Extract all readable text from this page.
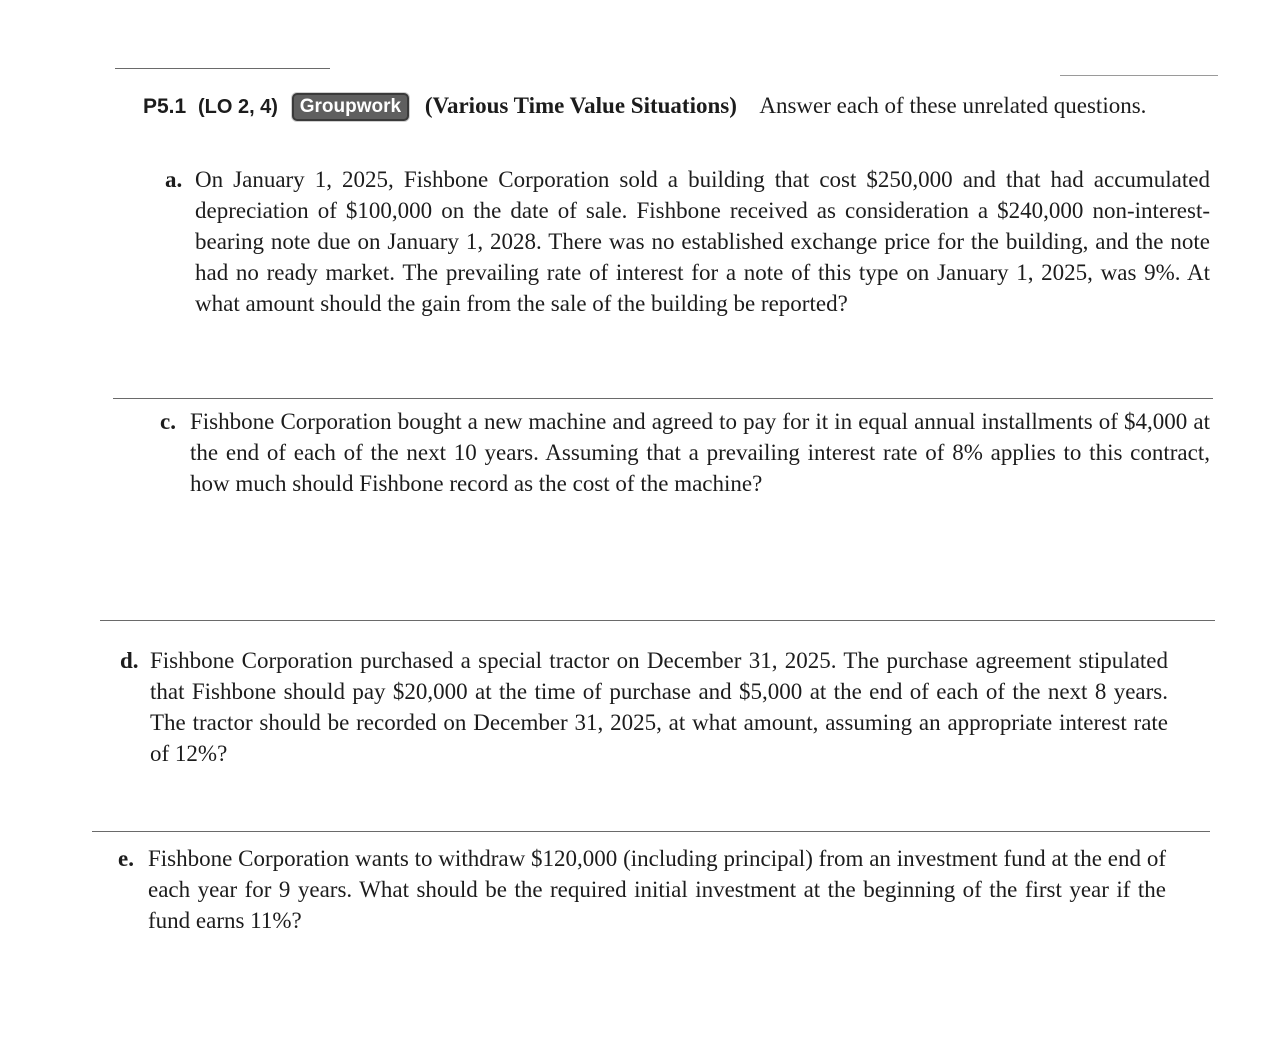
P5.1 (LO 2, 4) Groupwork (Various Time Value Situations) Answer each of these unrelated questions.
a. On January 1, 2025, Fishbone Corporation sold a building that cost $250,000 and that had accumulated depreciation of $100,000 on the date of sale. Fishbone received as consideration a $240,000 non-interest-bearing note due on January 1, 2028. There was no established exchange price for the building, and the note had no ready market. The prevailing rate of interest for a note of this type on January 1, 2025, was 9%. At what amount should the gain from the sale of the building be reported?
c. Fishbone Corporation bought a new machine and agreed to pay for it in equal annual installments of $4,000 at the end of each of the next 10 years. Assuming that a prevailing interest rate of 8% applies to this contract, how much should Fishbone record as the cost of the machine?
d. Fishbone Corporation purchased a special tractor on December 31, 2025. The purchase agreement stipulated that Fishbone should pay $20,000 at the time of purchase and $5,000 at the end of each of the next 8 years. The tractor should be recorded on December 31, 2025, at what amount, assuming an appropriate interest rate of 12%?
e. Fishbone Corporation wants to withdraw $120,000 (including principal) from an investment fund at the end of each year for 9 years. What should be the required initial investment at the beginning of the first year if the fund earns 11%?
